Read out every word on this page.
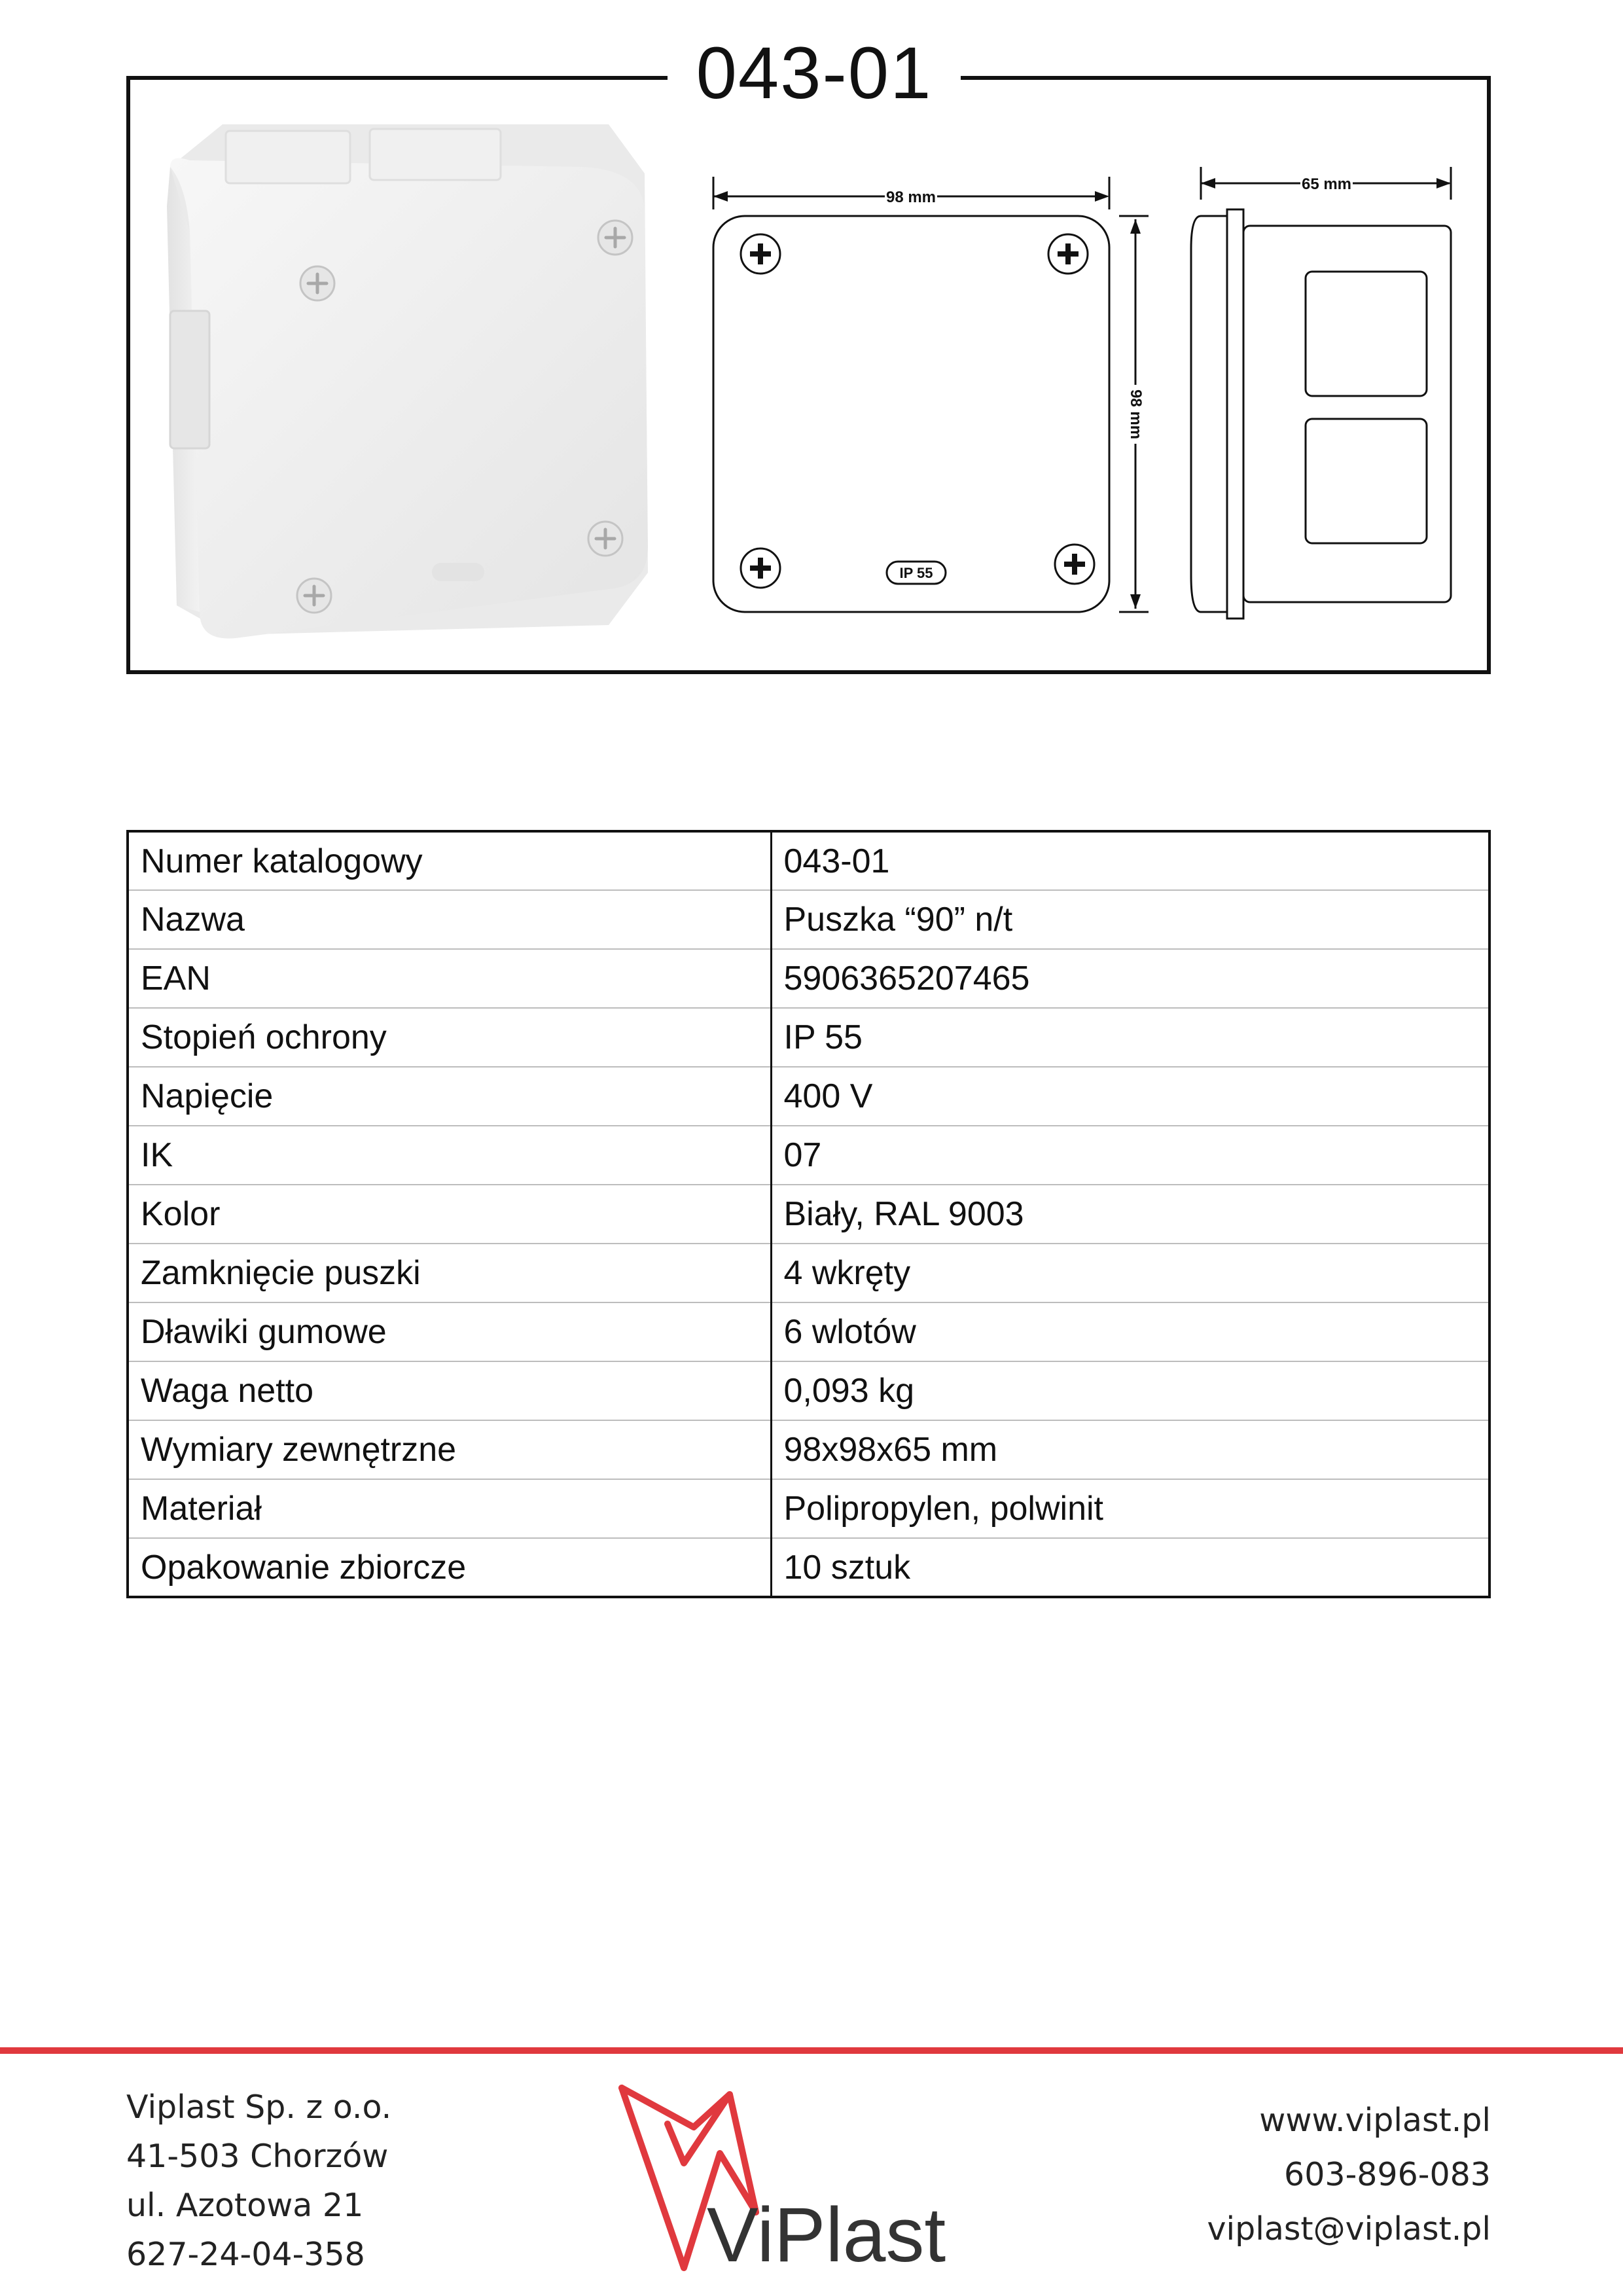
043-01
98 mm
IP 55
98 mm
65 mm
Numer katalogowy	043-01
Nazwa	Puszka “90” n/t
EAN	5906365207465
Stopień ochrony	IP 55
Napięcie	400 V
IK	07
Kolor	Biały, RAL 9003
Zamknięcie puszki	4 wkręty
Dławiki gumowe	6 wlotów
Waga netto	0,093 kg
Wymiary zewnętrzne	98x98x65 mm
Materiał	Polipropylen, polwinit
Opakowanie zbiorcze	10 sztuk
Viplast Sp. z o.o.
41-503 Chorzów
ul. Azotowa 21
627-24-04-358	ViPlast
www.viplast.pl
603-896-083
viplast@viplast.pl
